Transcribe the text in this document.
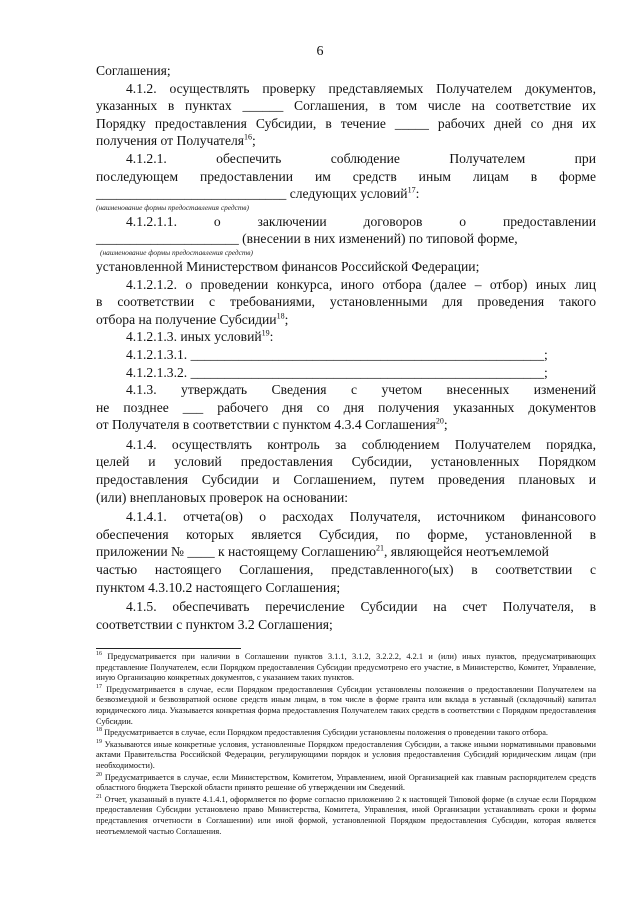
6
Соглашения;
4.1.2. осуществлять проверку представляемых Получателем документов,
указанных в пунктах ______ Соглашения, в том числе на соответствие их
Порядку предоставления Субсидии, в течение _____ рабочих дней со дня их
получения от Получателя$^{16}$;
4.1.2.1. обеспечить соблюдение Получателем при
последующем предоставлении им средств иным лицам в форме
____________________________ следующих условий$^{17}$:
(наименование формы предоставления средств)
4.1.2.1.1. о заключении договоров о предоставлении
_____________________ (внесении в них изменений) по типовой форме,
(наименование формы предоставления средств)
установленной Министерством финансов Российской Федерации;
4.1.2.1.2. о проведении конкурса, иного отбора (далее – отбор) иных лиц
в соответствии с требованиями, установленными для проведения такого
отбора на получение Субсидии$^{18}$;
4.1.2.1.3. иных условий$^{19}$:
4.1.2.1.3.1. ____________________________________________________;
4.1.2.1.3.2. ____________________________________________________;
4.1.3. утверждать Сведения с учетом внесенных изменений
не позднее ___ рабочего дня со дня получения указанных документов
от Получателя в соответствии с пунктом 4.3.4 Соглашения$^{20}$;
4.1.4. осуществлять контроль за соблюдением Получателем порядка,
целей и условий предоставления Субсидии, установленных Порядком
предоставления Субсидии и Соглашением, путем проведения плановых и
(или) внеплановых проверок на основании:
4.1.4.1. отчета(ов) о расходах Получателя, источником финансового
обеспечения которых является Субсидия, по форме, установленной в
приложении № ____ к настоящему Соглашению$^{21}$, являющейся неотъемлемой
частью настоящего Соглашения, представленного(ых) в соответствии с
пунктом 4.3.10.2 настоящего Соглашения;
4.1.5. обеспечивать перечисление Субсидии на счет Получателя, в
соответствии с пунктом 3.2 Соглашения;

$^{16}$ Предусматривается при наличии в Соглашении пунктов 3.1.1, 3.1.2, 3.2.2.2, 4.2.1 и (или) иных пунктов, предусматривающих представление Получателем, если Порядком предоставления Субсидии предусмотрено его участие, в Министерство, Комитет, Управление, иную Организацию конкретных документов, с указанием таких пунктов.

$^{17}$ Предусматривается в случае, если Порядком предоставления Субсидии установлены положения о предоставлении Получателем на безвозмездной и безвозвратной основе средств иным лицам, в том числе в форме гранта или вклада в уставный (складочный) капитал юридического лица. Указывается конкретная форма предоставления Получателем таких средств в соответствии с Порядком предоставления Субсидии.

$^{18}$ Предусматривается в случае, если Порядком предоставления Субсидии установлены положения о проведении такого отбора.

$^{19}$ Указываются иные конкретные условия, установленные Порядком предоставления Субсидии, а также иными нормативными правовыми актами Правительства Российской Федерации, регулирующими порядок и условия предоставления Субсидий юридическим лицам (при необходимости).

$^{20}$ Предусматривается в случае, если Министерством, Комитетом, Управлением, иной Организацией как главным распорядителем средств областного бюджета Тверской области принято решение об утверждении им Сведений.

$^{21}$ Отчет, указанный в пункте 4.1.4.1, оформляется по форме согласно приложению 2 к настоящей Типовой форме (в случае если Порядком предоставления Субсидии установлено право Министерства, Комитета, Управления, иной Организации устанавливать сроки и формы представления отчетности в Соглашении) или иной формой, установленной Порядком предоставления Субсидии, которая является неотъемлемой частью Соглашения.
